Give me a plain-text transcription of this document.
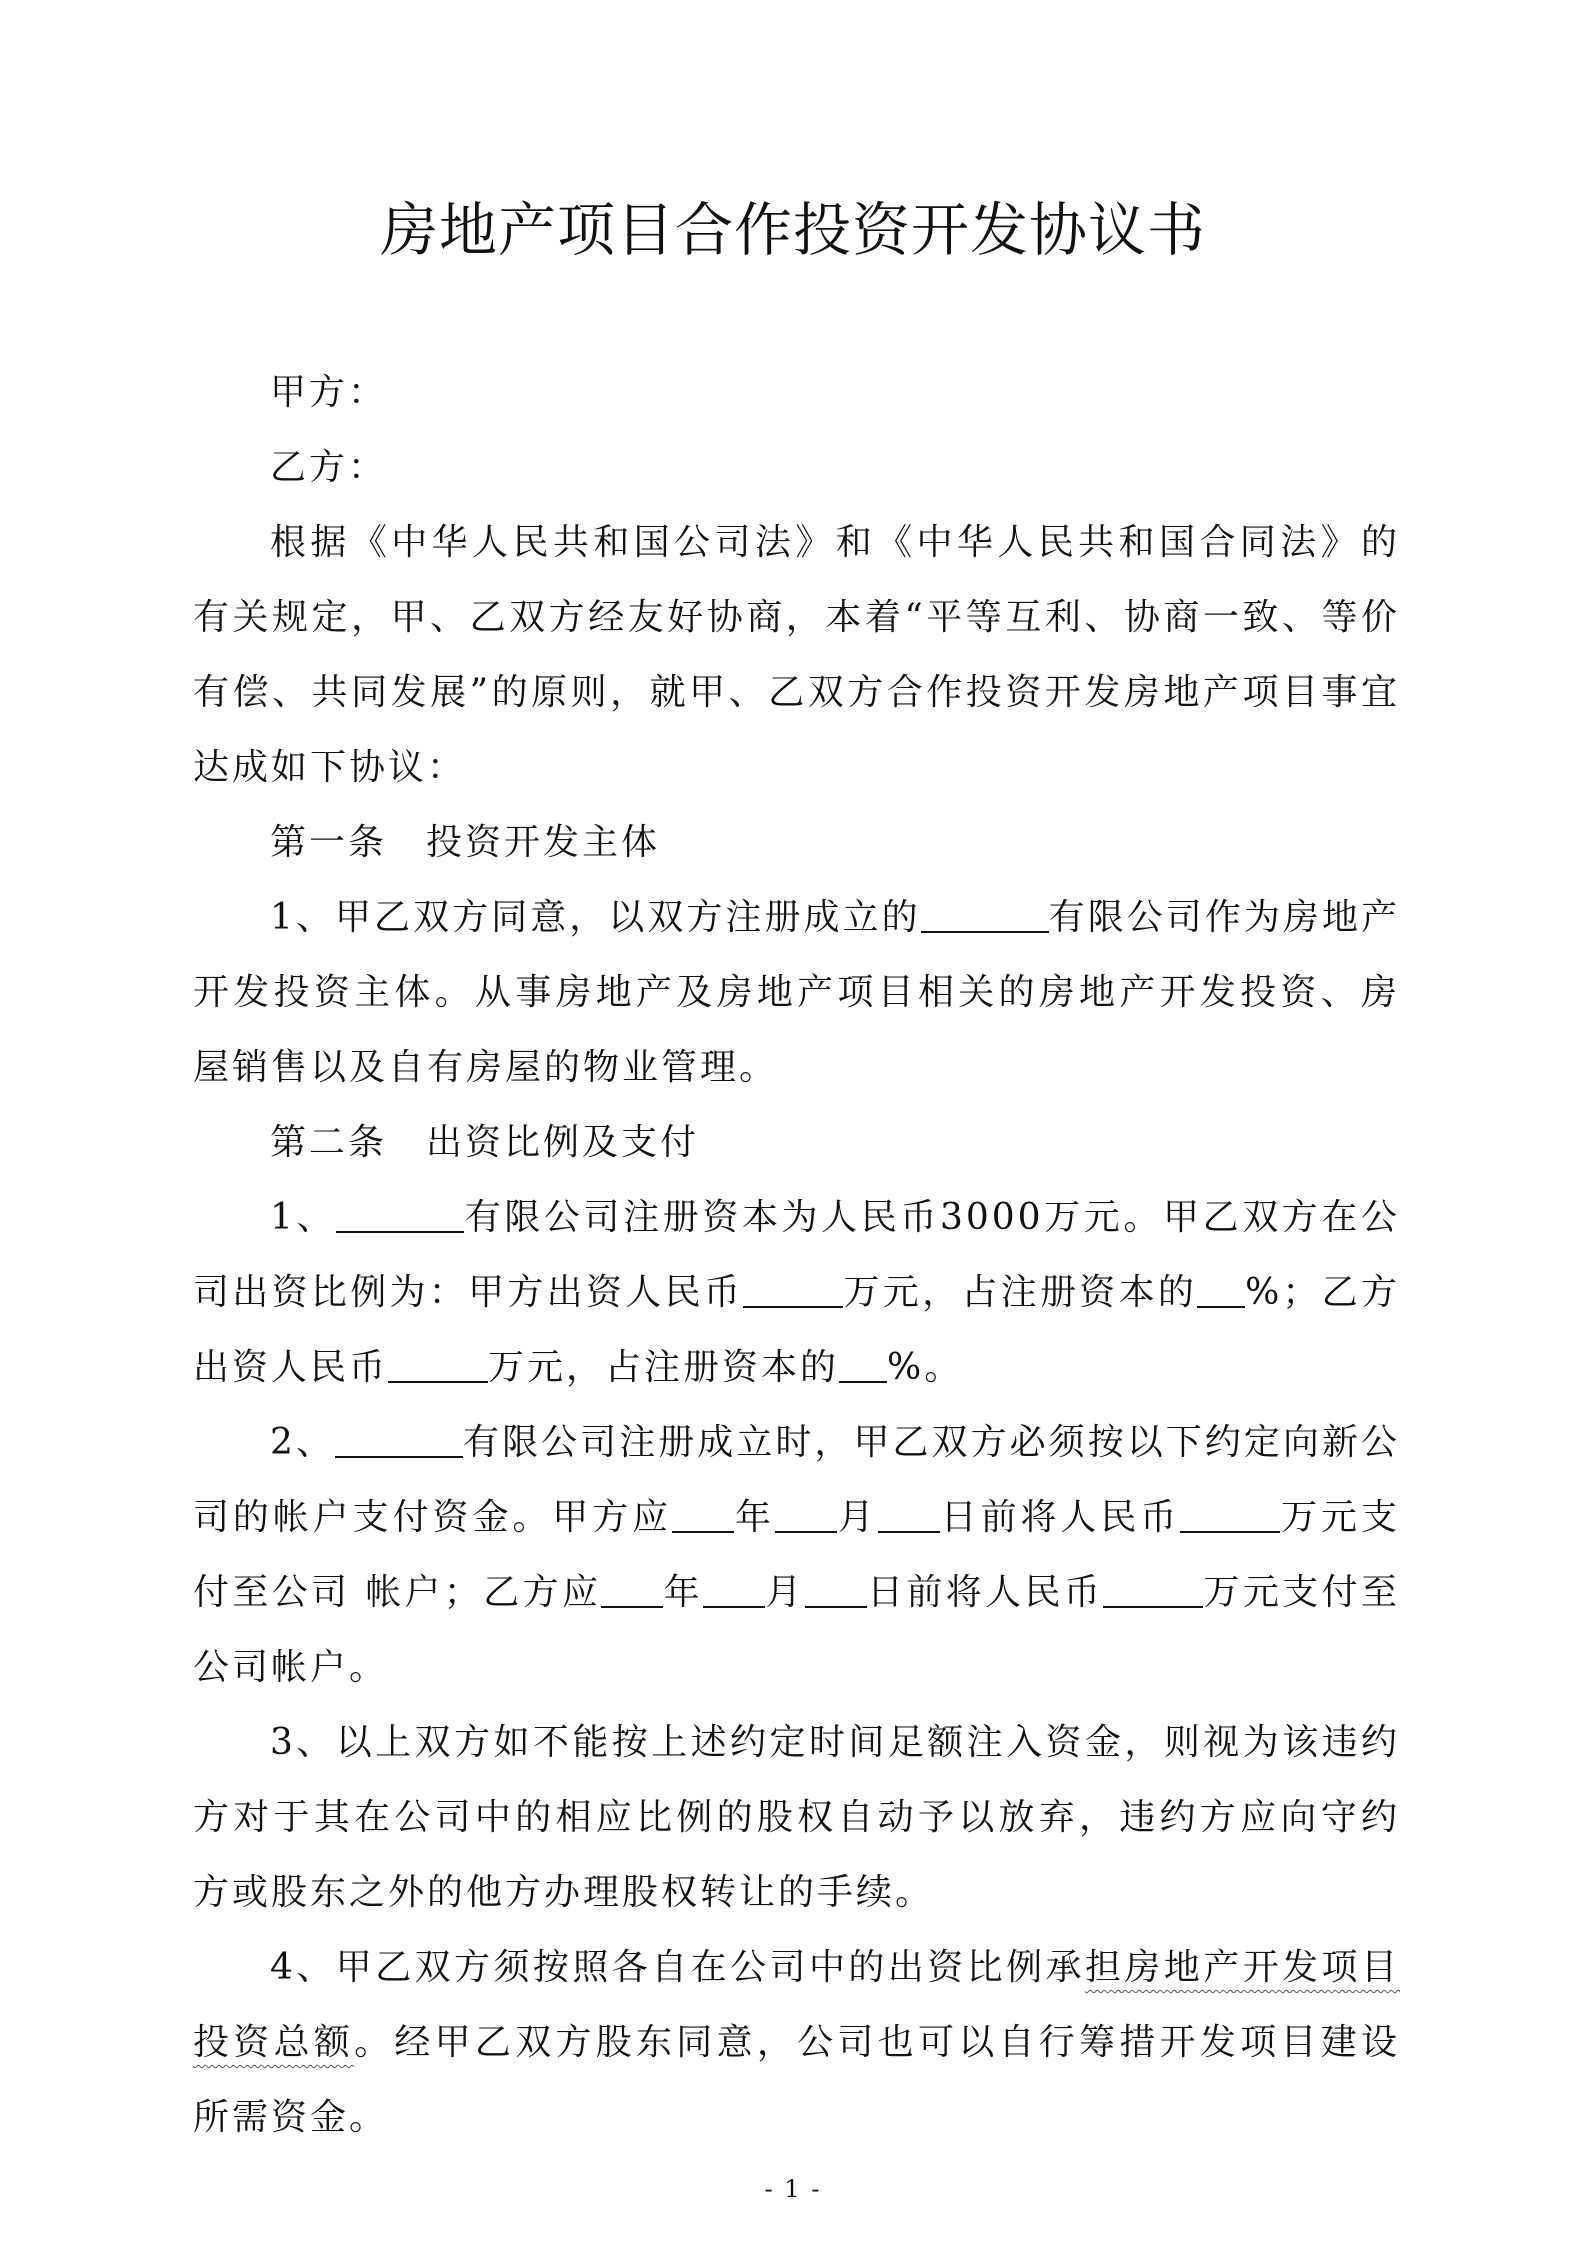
房地产项目合作投资开发协议书

甲方：

乙方：

根据《中华人民共和国公司法》和《中华人民共和国合同法》的有关规定，甲、乙双方经友好协商，本着“平等互利、协商一致、等价有偿、共同发展”的原则，就甲、乙双方合作投资开发房地产项目事宜达成如下协议：

第一条　投资开发主体

1、甲乙双方同意，以双方注册成立的	有限公司作为房地产开发投资主体。从事房地产及房地产项目相关的房地产开发投资、房屋销售以及自有房屋的物业管理。

第二条　出资比例及支付

1、	有限公司注册资本为人民币3000万元。甲乙双方在公司出资比例为：甲方出资人民币	万元，占注册资本的 %；乙方出资人民币	万元，占注册资本的 %。

2、	有限公司注册成立时，甲乙双方必须按以下约定向新公司的帐户支付资金。甲方应 年 月 日前将人民币	万元支付至公司 帐户；乙方应 年 月 日前将人民币	万元支付至公司帐户。

3、以上双方如不能按上述约定时间足额注入资金，则视为该违约方对于其在公司中的相应比例的股权自动予以放弃，违约方应向守约方或股东之外的他方办理股权转让的手续。

4、甲乙双方须按照各自在公司中的出资比例承担房地产开发项目投资总额。经甲乙双方股东同意，公司也可以自行筹措开发项目建设所需资金。

- 1 -
